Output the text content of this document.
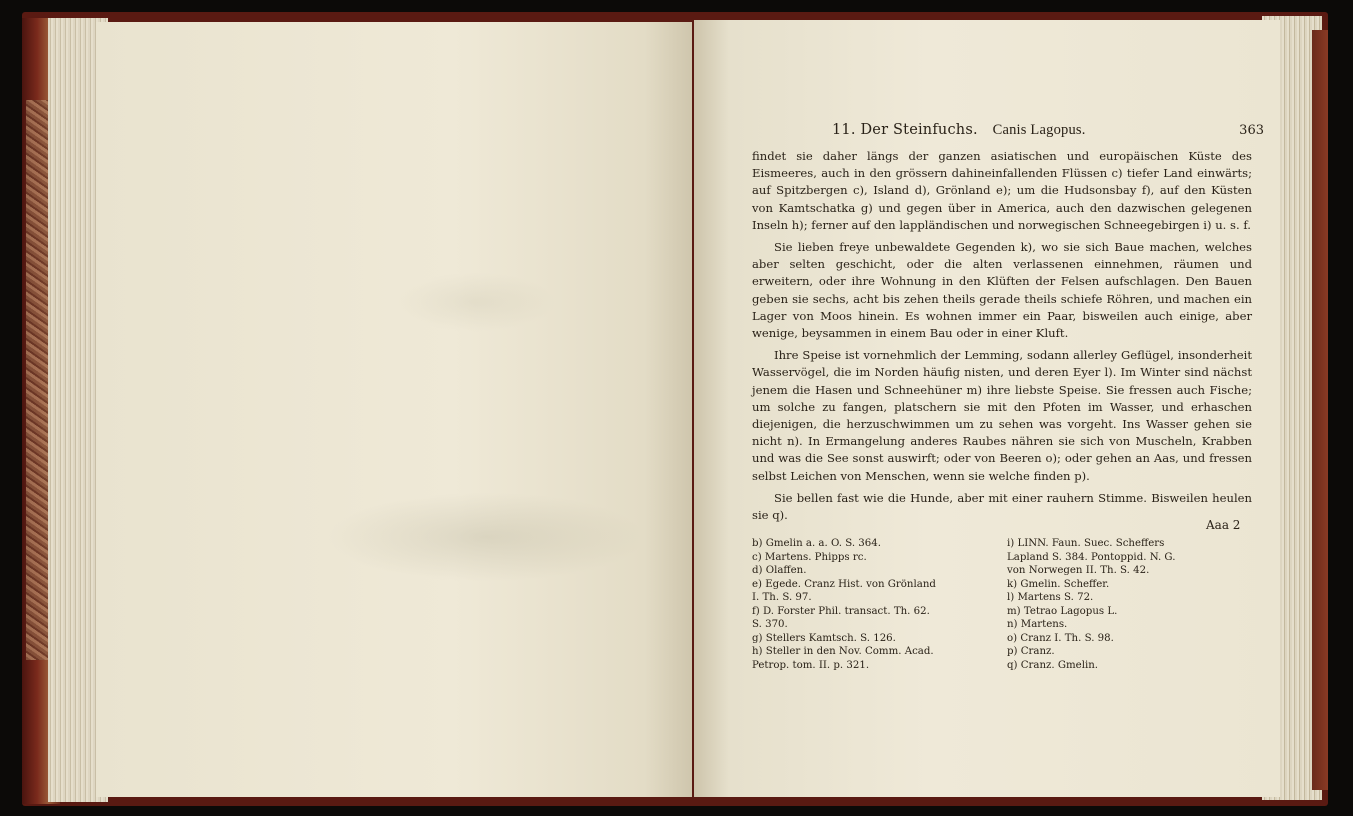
11. Der Steinfuchs. Canis Lagopus.	363

findet sie daher längs der ganzen asiatischen und europäischen Küste des Eismeeres, auch in den grössern dahineinfallenden Flüssen c) tiefer Land einwärts; auf Spitzbergen c), Island d), Grönland e); um die Hudsonsbay f), auf den Küsten von Kamtschatka g) und gegen über in America, auch den dazwischen gelegenen Inseln h); ferner auf den lappländischen und norwegischen Schneegebirgen i) u. s. f.

Sie lieben freye unbewaldete Gegenden k), wo sie sich Baue machen, welches aber selten geschicht, oder die alten verlassenen einnehmen, räumen und erweitern, oder ihre Wohnung in den Klüften der Felsen aufschlagen. Den Bauen geben sie sechs, acht bis zehen theils gerade theils schiefe Röhren, und machen ein Lager von Moos hinein. Es wohnen immer ein Paar, bisweilen auch einige, aber wenige, beysammen in einem Bau oder in einer Kluft.

Ihre Speise ist vornehmlich der Lemming, sodann allerley Geflügel, insonderheit Wasservögel, die im Norden häufig nisten, und deren Eyer l). Im Winter sind nächst jenem die Hasen und Schneehüner m) ihre liebste Speise. Sie fressen auch Fische; um solche zu fangen, platschern sie mit den Pfoten im Wasser, und erhaschen diejenigen, die herzuschwimmen um zu sehen was vorgeht. Ins Wasser gehen sie nicht n). In Ermangelung anderes Raubes nähren sie sich von Muscheln, Krabben und was die See sonst auswirft; oder von Beeren o); oder gehen an Aas, und fressen selbst Leichen von Menschen, wenn sie welche finden p).

Sie bellen fast wie die Hunde, aber mit einer rauhern Stimme. Bisweilen heulen sie q).

Aaa 2
b) Gmelin a. a. O. S. 364.
c) Martens. Phipps rc.
d) Olaffen.
e) Egede. Cranz Hist. von Grönland
I. Th. S. 97.
f) D. Forster Phil. transact. Th. 62.
S. 370.
g) Stellers Kamtsch. S. 126.
h) Steller in den Nov. Comm. Acad.
Petrop. tom. II. p. 321.
i) LINN. Faun. Suec. Scheffers
Lapland S. 384. Pontoppid. N. G.
von Norwegen II. Th. S. 42.
k) Gmelin. Scheffer.
l) Martens S. 72.
m) Tetrao Lagopus L.
n) Martens.
o) Cranz I. Th. S. 98.
p) Cranz.
q) Cranz. Gmelin.
